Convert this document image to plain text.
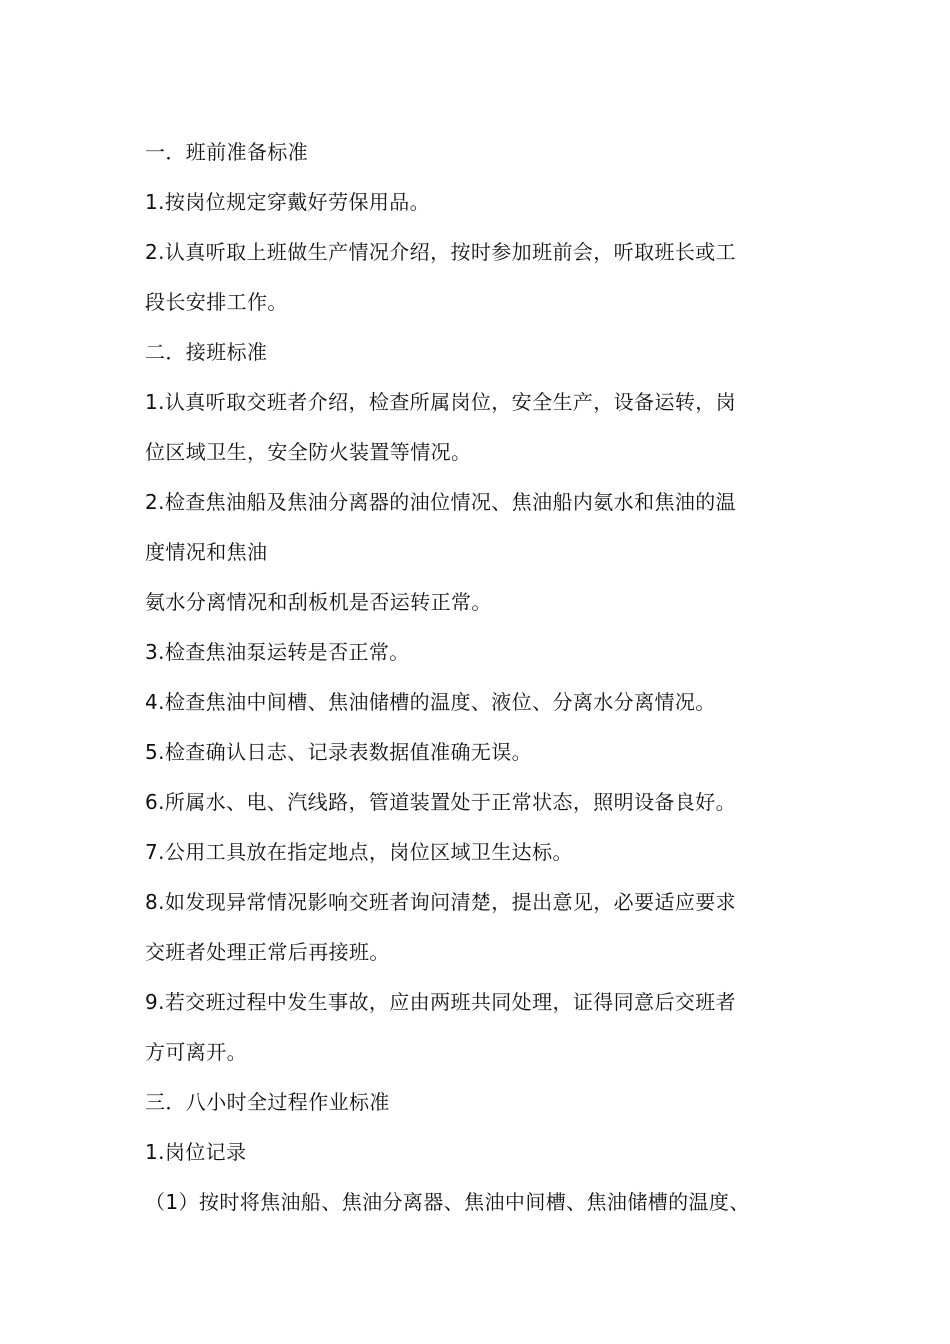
一．班前准备标准
1.按岗位规定穿戴好劳保用品。
2.认真听取上班做生产情况介绍，按时参加班前会，听取班长或工
段长安排工作。
二．接班标准
1.认真听取交班者介绍，检查所属岗位，安全生产，设备运转，岗
位区域卫生，安全防火装置等情况。
2.检查焦油船及焦油分离器的油位情况、焦油船内氨水和焦油的温
度情况和焦油
氨水分离情况和刮板机是否运转正常。
3.检查焦油泵运转是否正常。
4.检查焦油中间槽、焦油储槽的温度、液位、分离水分离情况。
5.检查确认日志、记录表数据值准确无误。
6.所属水、电、汽线路，管道装置处于正常状态，照明设备良好。
7.公用工具放在指定地点，岗位区域卫生达标。
8.如发现异常情况影响交班者询问清楚，提出意见，必要适应要求
交班者处理正常后再接班。
9.若交班过程中发生事故，应由两班共同处理，证得同意后交班者
方可离开。
三．八小时全过程作业标准
1.岗位记录
（1）按时将焦油船、焦油分离器、焦油中间槽、焦油储槽的温度、
